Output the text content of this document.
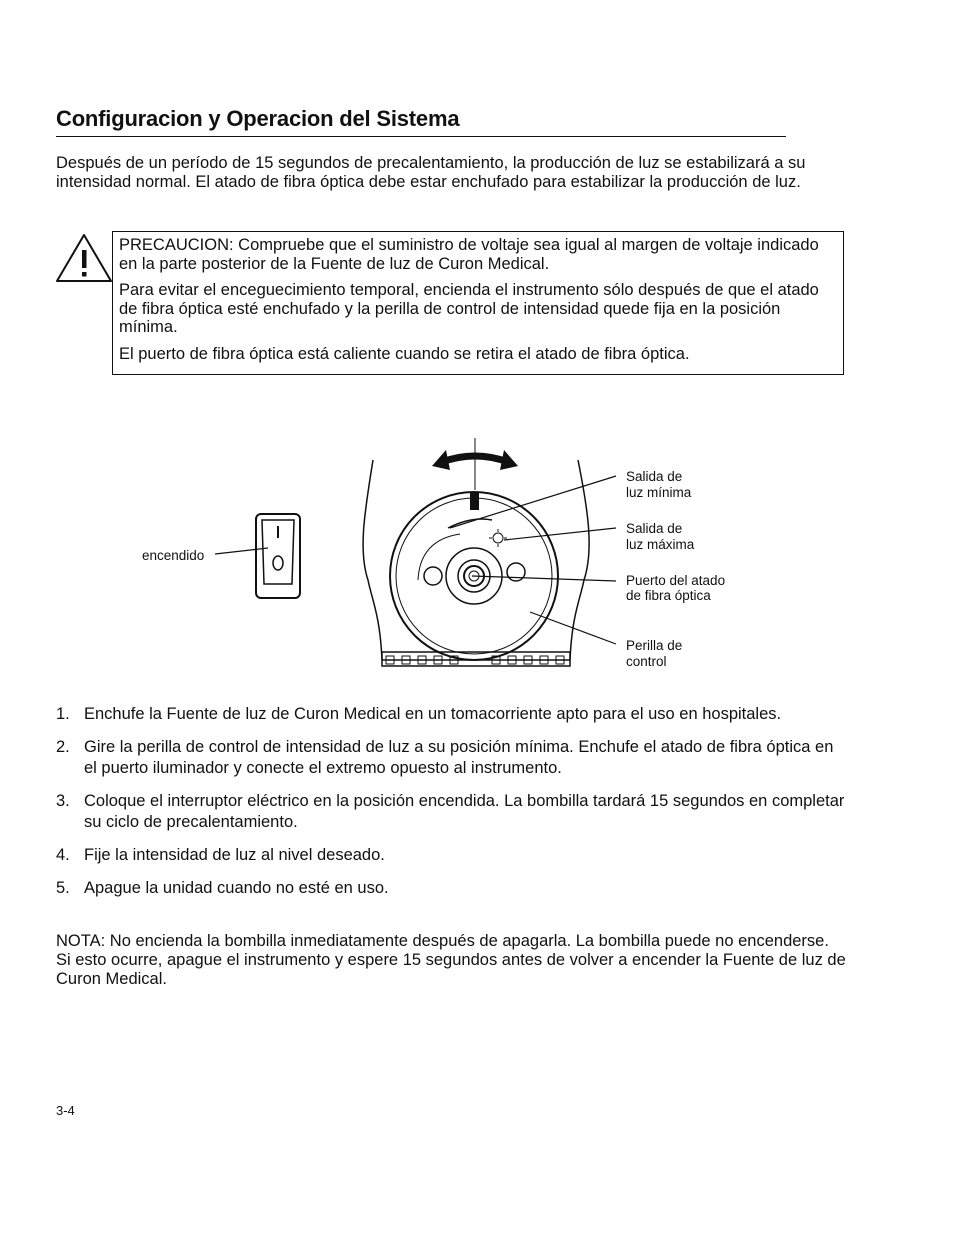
Configuracion y Operacion del Sistema
Después de un período de 15 segundos de precalentamiento, la producción de luz se estabilizará a su intensidad normal. El atado de fibra óptica debe estar enchufado para estabilizar la producción de luz.

PRECAUCION: Compruebe que el suministro de voltaje sea igual al margen de voltaje indicado en la parte posterior de la Fuente de luz de Curon Medical.

Para evitar el enceguecimiento temporal, encienda el instrumento sólo después de que el atado de fibra óptica esté enchufado y la perilla de control de intensidad quede fija en la posición mínima.

El puerto de fibra óptica está caliente cuando se retira el atado de fibra óptica.

encendido
Salida de
luz mínima
Salida de
luz máxima
Puerto del atado
de fibra óptica
Perilla de
control
1. Enchufe la Fuente de luz de Curon Medical en un tomacorriente apto para el uso en hospitales.
2. Gire la perilla de control de intensidad de luz a su posición mínima. Enchufe el atado de fibra óptica en el puerto iluminador y conecte el extremo opuesto al instrumento.
3. Coloque el interruptor eléctrico en la posición encendida. La bombilla tardará 15 segundos en completar su ciclo de precalentamiento.
4. Fije la intensidad de luz al nivel deseado.
5. Apague la unidad cuando no esté en uso.
NOTA: No encienda la bombilla inmediatamente después de apagarla. La bombilla puede no encenderse. Si esto ocurre, apague el instrumento y espere 15 segundos antes de volver a encender la Fuente de luz de Curon Medical.
3-4
